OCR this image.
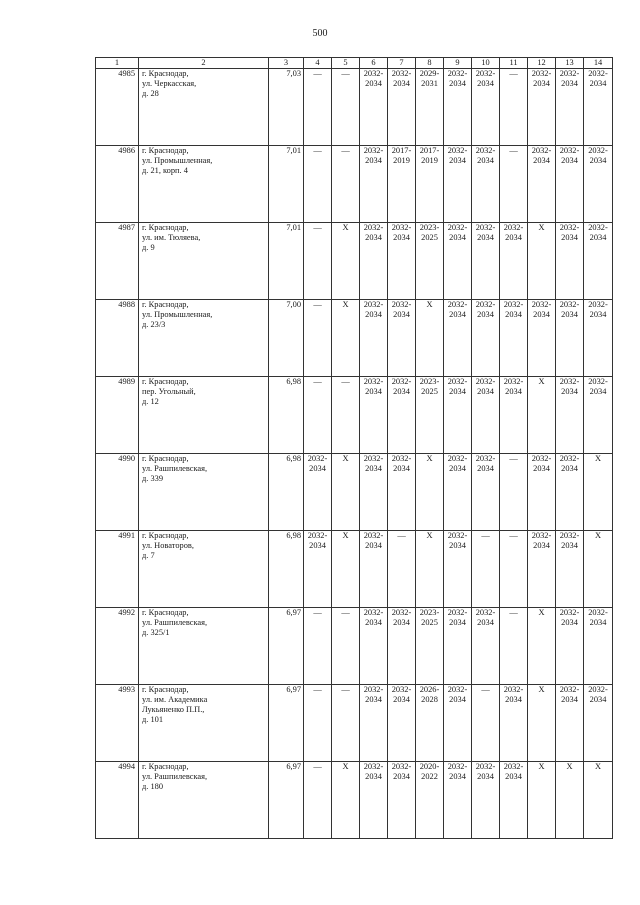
500
1	2	3	4	5	6	7	8	9	10	11	12	13	14
4985	г. Краснодар,
ул. Черкасская,
д. 28	7,03	—	—	2032-
2034	2032-
2034	2029-
2031	2032-
2034	2032-
2034	—	2032-
2034	2032-
2034	2032-
2034

4986	г. Краснодар,
ул. Промышленная,
д. 21, корп. 4	7,01	—	—	2032-
2034	2017-
2019	2017-
2019	2032-
2034	2032-
2034	—	2032-
2034	2032-
2034	2032-
2034

4987	г. Краснодар,
ул. им. Тюляева,
д. 9	7,01	—	X	2032-
2034	2032-
2034	2023-
2025	2032-
2034	2032-
2034	2032-
2034	X	2032-
2034	2032-
2034

4988	г. Краснодар,
ул. Промышленная,
д. 23/3	7,00	—	X	2032-
2034	2032-
2034	X	2032-
2034	2032-
2034	2032-
2034	2032-
2034	2032-
2034	2032-
2034

4989	г. Краснодар,
пер. Угольный,
д. 12	6,98	—	—	2032-
2034	2032-
2034	2023-
2025	2032-
2034	2032-
2034	2032-
2034	X	2032-
2034	2032-
2034

4990	г. Краснодар,
ул. Рашпилевская,
д. 339	6,98	2032-
2034	X	2032-
2034	2032-
2034	X	2032-
2034	2032-
2034	—	2032-
2034	2032-
2034	X

4991	г. Краснодар,
ул. Новаторов,
д. 7	6,98	2032-
2034	X	2032-
2034	—	X	2032-
2034	—	—	2032-
2034	2032-
2034	X

4992	г. Краснодар,
ул. Рашпилевская,
д. 325/1	6,97	—	—	2032-
2034	2032-
2034	2023-
2025	2032-
2034	2032-
2034	—	X	2032-
2034	2032-
2034

4993	г. Краснодар,
ул. им. Академика
Лукьяненко П.П.,
д. 101	6,97	—	—	2032-
2034	2032-
2034	2026-
2028	2032-
2034	—	2032-
2034	X	2032-
2034	2032-
2034

4994	г. Краснодар,
ул. Рашпилевская,
д. 180	6,97	—	X	2032-
2034	2032-
2034	2020-
2022	2032-
2034	2032-
2034	2032-
2034	X	X	X
